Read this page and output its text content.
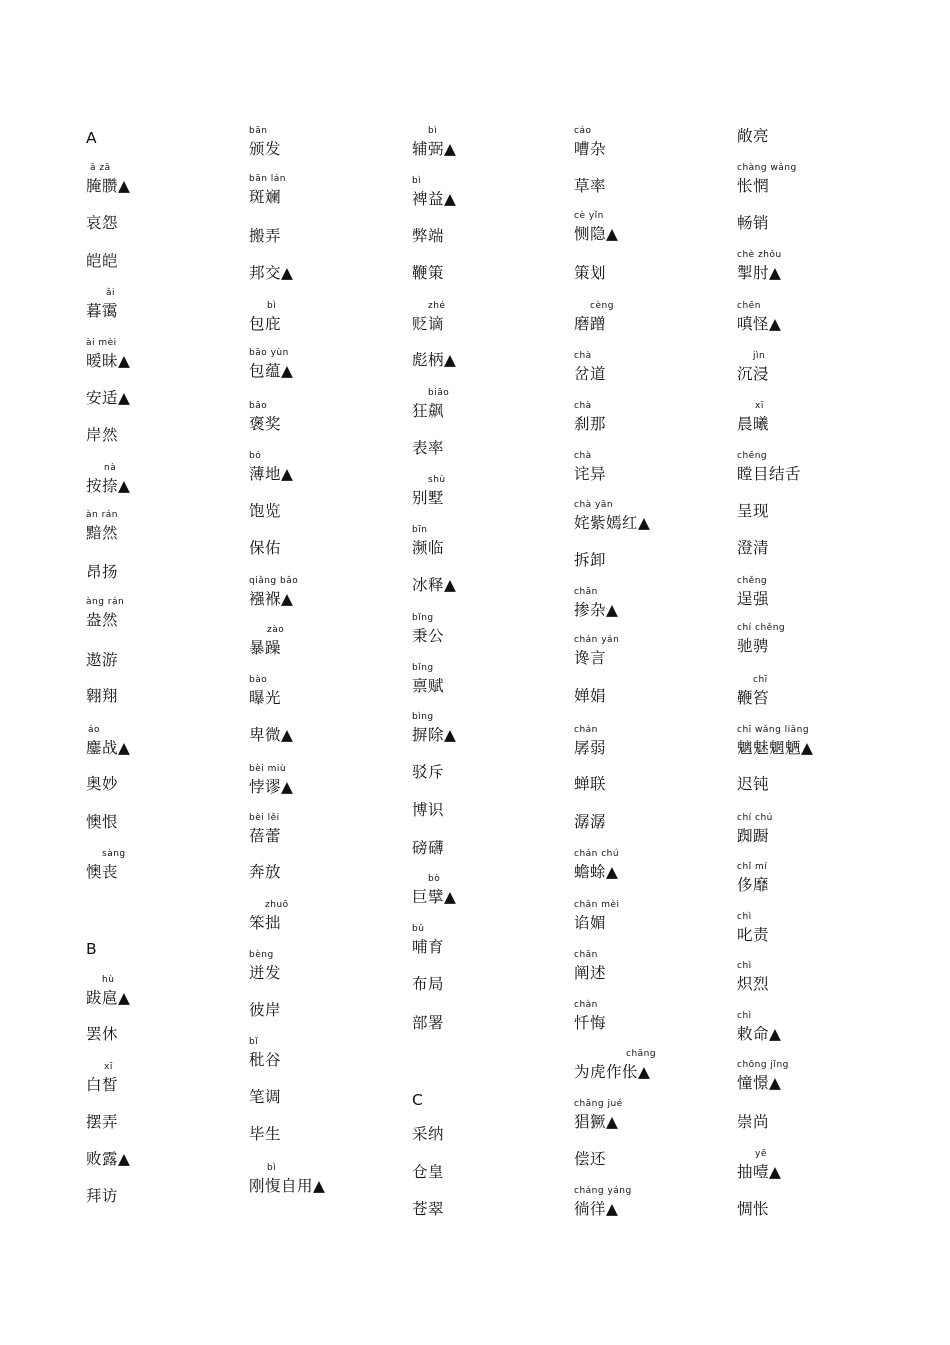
A
ā zā
腌臜▲
哀怨
皑皑
ǎi
暮霭
ài mèi
暧昧▲
安适▲
岸然
nà
按捺▲
àn rán
黯然
昂扬
àng rán
盎然
遨游
翱翔
áo
鏖战▲
奥妙
懊恨
sàng
懊丧
B
hù
跋扈▲
罢休
xī
白皙
摆弄
败露▲
拜访
bān
颁发
bān lán
斑斓
搬弄
邦交▲
bì
包庇
bāo yùn
包蕴▲
bāo
褒奖
bó
薄地▲
饱览
保佑
qiǎng bǎo
襁褓▲
zào
暴躁
bào
曝光
卑微▲
bèi miù
悖谬▲
bèi lěi
蓓蕾
奔放
zhuō
笨拙
bèng
迸发
彼岸
bǐ
秕谷
笔调
毕生
bì
刚愎自用▲
bì
辅弼▲
bì
裨益▲
弊端
鞭策
zhé
贬谪
彪柄▲
biāo
狂飙
表率
shù
别墅
bīn
濒临
冰释▲
bǐng
秉公
bǐng
禀赋
bìng
摒除▲
驳斥
博识
磅礴
bò
巨擘▲
bǔ
哺育
布局
部署
C
采纳
仓皇
苍翠
cáo
嘈杂
草率
cè yǐn
恻隐▲
策划
cèng
磨蹭
chà
岔道
chà
刹那
chà
诧异
chà yān
姹紫嫣红▲
拆卸
chān
掺杂▲
chán yán
谗言
婵娟
chán
孱弱
蝉联
潺潺
chán chú
蟾蜍▲
chǎn mèi
谄媚
chǎn
阐述
chàn
忏悔
chāng
为虎作伥▲
chāng jué
猖獗▲
偿还
cháng yáng
徜徉▲
敞亮
chàng wǎng
怅惘
畅销
chè zhǒu
掣肘▲
chēn
嗔怪▲
jìn
沉浸
xī
晨曦
chēng
瞠目结舌
呈现
澄清
chěng
逞强
chí chěng
驰骋
chī
鞭笞
chī wǎng liǎng
魑魅魍魉▲
迟钝
chí chú
踟蹰
chǐ mí
侈靡
chì
叱责
chì
炽烈
chì
敕命▲
chōng jǐng
憧憬▲
崇尚
yē
抽噎▲
惆怅
